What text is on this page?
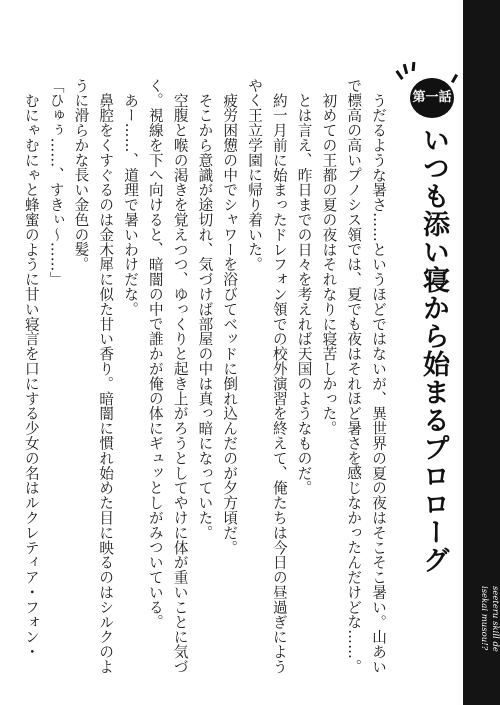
うだるような暑さ……というほどではないが、異世界の夏の夜はそこそこ暑い。山あいで標高の高いプノシス領では、夏でも夜はそれほど暑さを感じなかったんだけどな……。

初めての王都の夏の夜はそれなりに寝苦しかった。

とは言え、昨日までの日々を考えれば天国のようなものだ。

約一月前に始まったドレフォン領での校外演習を終えて、俺たちは今日の昼過ぎにようやく王立学園に帰り着いた。

疲労困憊の中でシャワーを浴びてベッドに倒れ込んだのが夕方頃だ。

そこから意識が途切れ、気づけば部屋の中は真っ暗になっていた。

空腹と喉の渇きを覚えつつ、ゆっくりと起き上がろうとしてやけに体が重いことに気づく。視線を下へ向けると、暗闇の中で誰かが俺の体にギュッとしがみついている。

あー……、道理で暑いわけだな。

鼻腔をくすぐるのは金木犀に似た甘い香り。暗闇に慣れ始めた目に映るのはシルクのように滑らかな長い金色の髪。

「ひゅぅ……、すきぃ～……」

むにゃむにゃと蜂蜜のように甘い寝言を口にする少女の名はルクレティア・フォン・	第一話
いつも添い寝から始まるプロローグ
seeteru skill de
isekai musou!?
